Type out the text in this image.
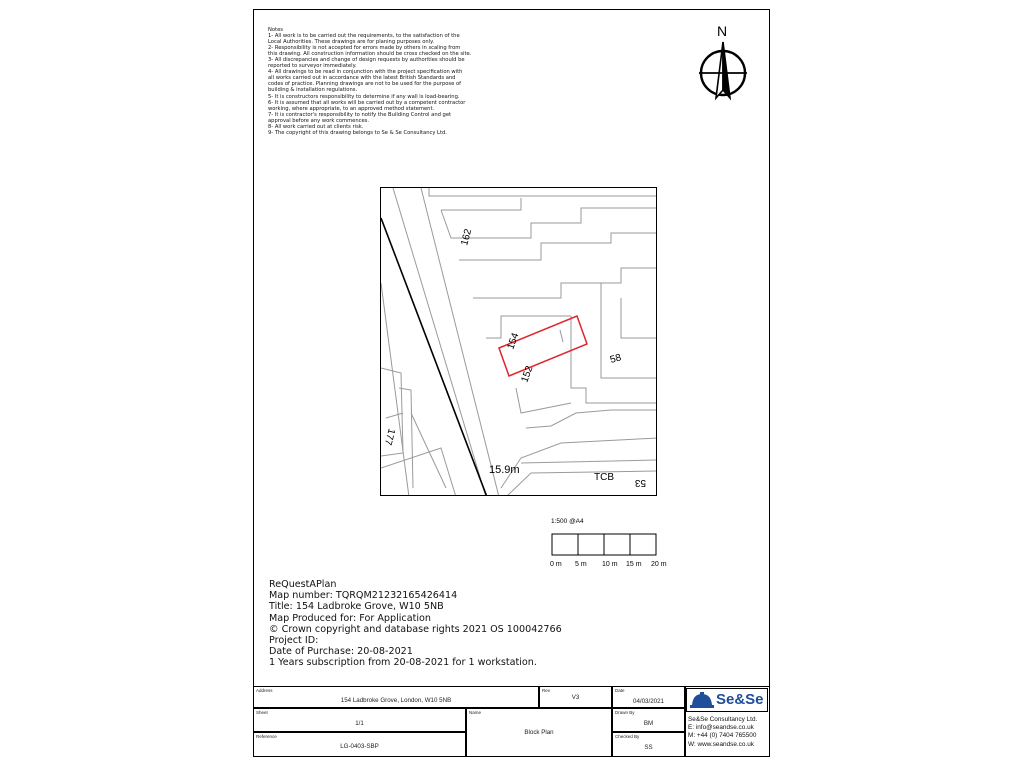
Notes
1- All work is to be carried out the requirements, to the satisfaction of the
Local Authorities. These drawings are for planing purposes only.
2- Responsibility is not accepted for errors made by others in scaling from
this drawing. All construction information should be cross checked on the site.
3- All discrepancies and change of design requests by authorities should be
reported to surveyor immediately.
4- All drawings to be read in conjunction with the project specification with
all works carried out in accordance with the latest British Standards and
codes of practice. Planning drawings are not to be used for the purpose of
building & installation regulations.
5- It is constructors responsibility to determine if any wall is load-bearing.
6- It is assumed that all works will be carried out by a competent contractor
working, where appropriate, to an approved method statement.
7- It is contractor's responsibility to notify the Building Control and get
approval before any work commences.
8- All work carried out at clients risk.
9- The copyright of this drawing belongs to Se & Se Consultancy Ltd.
N
162
154
152
58
177
53
15.9m
TCB
1:500 @A4
0 m 5 m 10 m 15 m 20 m
ReQuestAPlan
Map number: TQRQM21232165426414
Title: 154 Ladbroke Grove, W10 5NB
Map Produced for: For Application
© Crown copyright and database rights 2021 OS 100042766
Project ID:
Date of Purchase: 20-08-2021
1 Years subscription from 20-08-2021 for 1 workstation.
Address
154 Ladbroke Grove, London, W10 5NB
Rev
V3
Date
04/03/2021
Sheet
1/1
Name
Block Plan
Drawn By
BM
Reference
LG-0403-SBP
Checked By
SS
Se&Se
Se&Se Consultancy Ltd.
E: info@seandse.co.uk
M: +44 (0) 7404 765500
W: www.seandse.co.uk
